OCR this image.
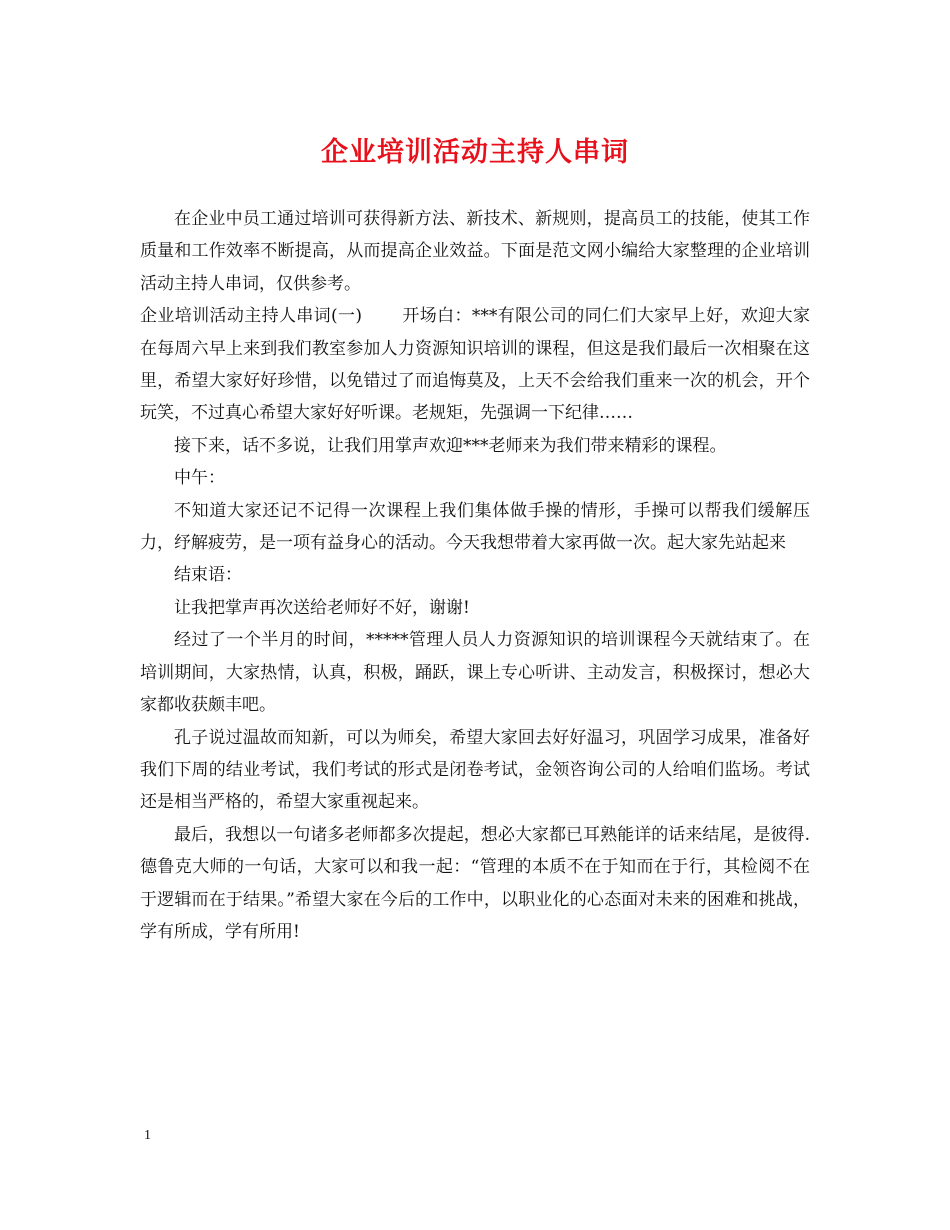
企业培训活动主持人串词

在企业中员工通过培训可获得新方法、新技术、新规则，提高员工的技能，使其工作质量和工作效率不断提高，从而提高企业效益。下面是范文网小编给大家整理的企业培训活动主持人串词，仅供参考。

企业培训活动主持人串词(一) 开场白：***有限公司的同仁们大家早上好，欢迎大家在每周六早上来到我们教室参加人力资源知识培训的课程，但这是我们最后一次相聚在这里，希望大家好好珍惜，以免错过了而追悔莫及，上天不会给我们重来一次的机会，开个玩笑，不过真心希望大家好好听课。老规矩，先强调一下纪律……

接下来，话不多说，让我们用掌声欢迎***老师来为我们带来精彩的课程。

中午：

不知道大家还记不记得一次课程上我们集体做手操的情形，手操可以帮我们缓解压力，纾解疲劳，是一项有益身心的活动。今天我想带着大家再做一次。起大家先站起来

结束语：

让我把掌声再次送给老师好不好，谢谢!

经过了一个半月的时间，*****管理人员人力资源知识的培训课程今天就结束了。在培训期间，大家热情，认真，积极，踊跃，课上专心听讲、主动发言，积极探讨，想必大家都收获颇丰吧。

孔子说过温故而知新，可以为师矣，希望大家回去好好温习，巩固学习成果，准备好我们下周的结业考试，我们考试的形式是闭卷考试，金领咨询公司的人给咱们监场。考试还是相当严格的，希望大家重视起来。

最后，我想以一句诸多老师都多次提起，想必大家都已耳熟能详的话来结尾，是彼得.德鲁克大师的一句话，大家可以和我一起：“管理的本质不在于知而在于行，其检阅不在于逻辑而在于结果。”希望大家在今后的工作中，以职业化的心态面对未来的困难和挑战，学有所成，学有所用!

1
